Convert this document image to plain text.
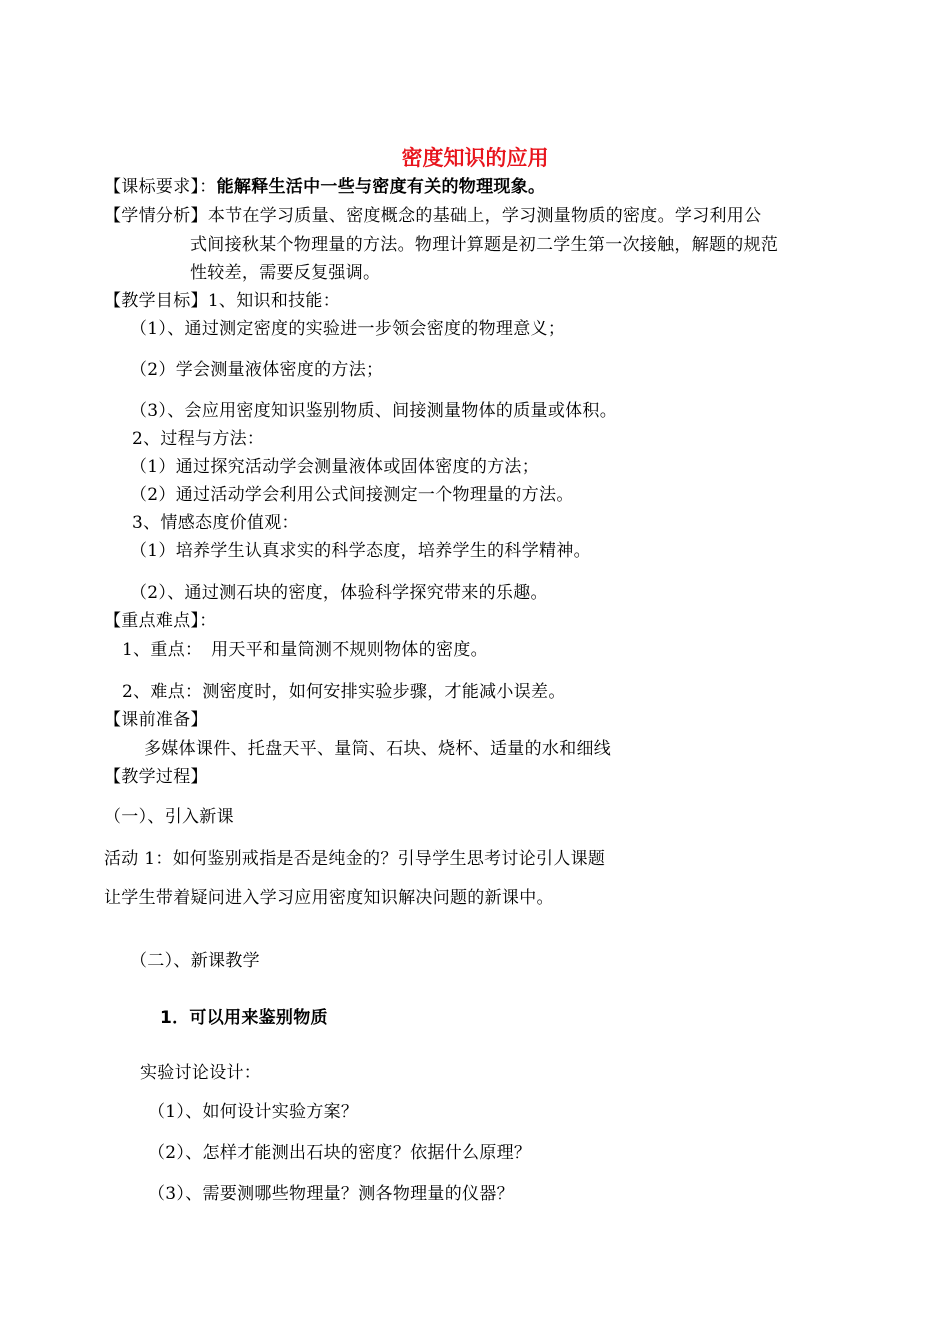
密度知识的应用
【课标要求】：能解释生活中一些与密度有关的物理现象。
【学情分析】本节在学习质量、密度概念的基础上，学习测量物质的密度。学习利用公
式间接秋某个物理量的方法。物理计算题是初二学生第一次接触，解题的规范
性较差，需要反复强调。
【教学目标】1、知识和技能：
（1）、通过测定密度的实验进一步领会密度的物理意义；
（2）学会测量液体密度的方法；
（3）、会应用密度知识鉴别物质、间接测量物体的质量或体积。
2、过程与方法：
（1）通过探究活动学会测量液体或固体密度的方法；
（2）通过活动学会利用公式间接测定一个物理量的方法。
3、情感态度价值观：
（1）培养学生认真求实的科学态度，培养学生的科学精神。
（2）、通过测石块的密度，体验科学探究带来的乐趣。
【重点难点】：
1、重点：　用天平和量筒测不规则物体的密度。
2、难点：测密度时，如何安排实验步骤，才能减小误差。
【课前准备】
多媒体课件、托盘天平、量筒、石块、烧杯、适量的水和细线
【教学过程】
（一）、引入新课
活动 1：如何鉴别戒指是否是纯金的？引导学生思考讨论引人课题
让学生带着疑问进入学习应用密度知识解决问题的新课中。
（二）、新课教学
1．可以用来鉴别物质
实验讨论设计：
（1）、如何设计实验方案？
（2）、怎样才能测出石块的密度？依据什么原理？
（3）、需要测哪些物理量？测各物理量的仪器？
